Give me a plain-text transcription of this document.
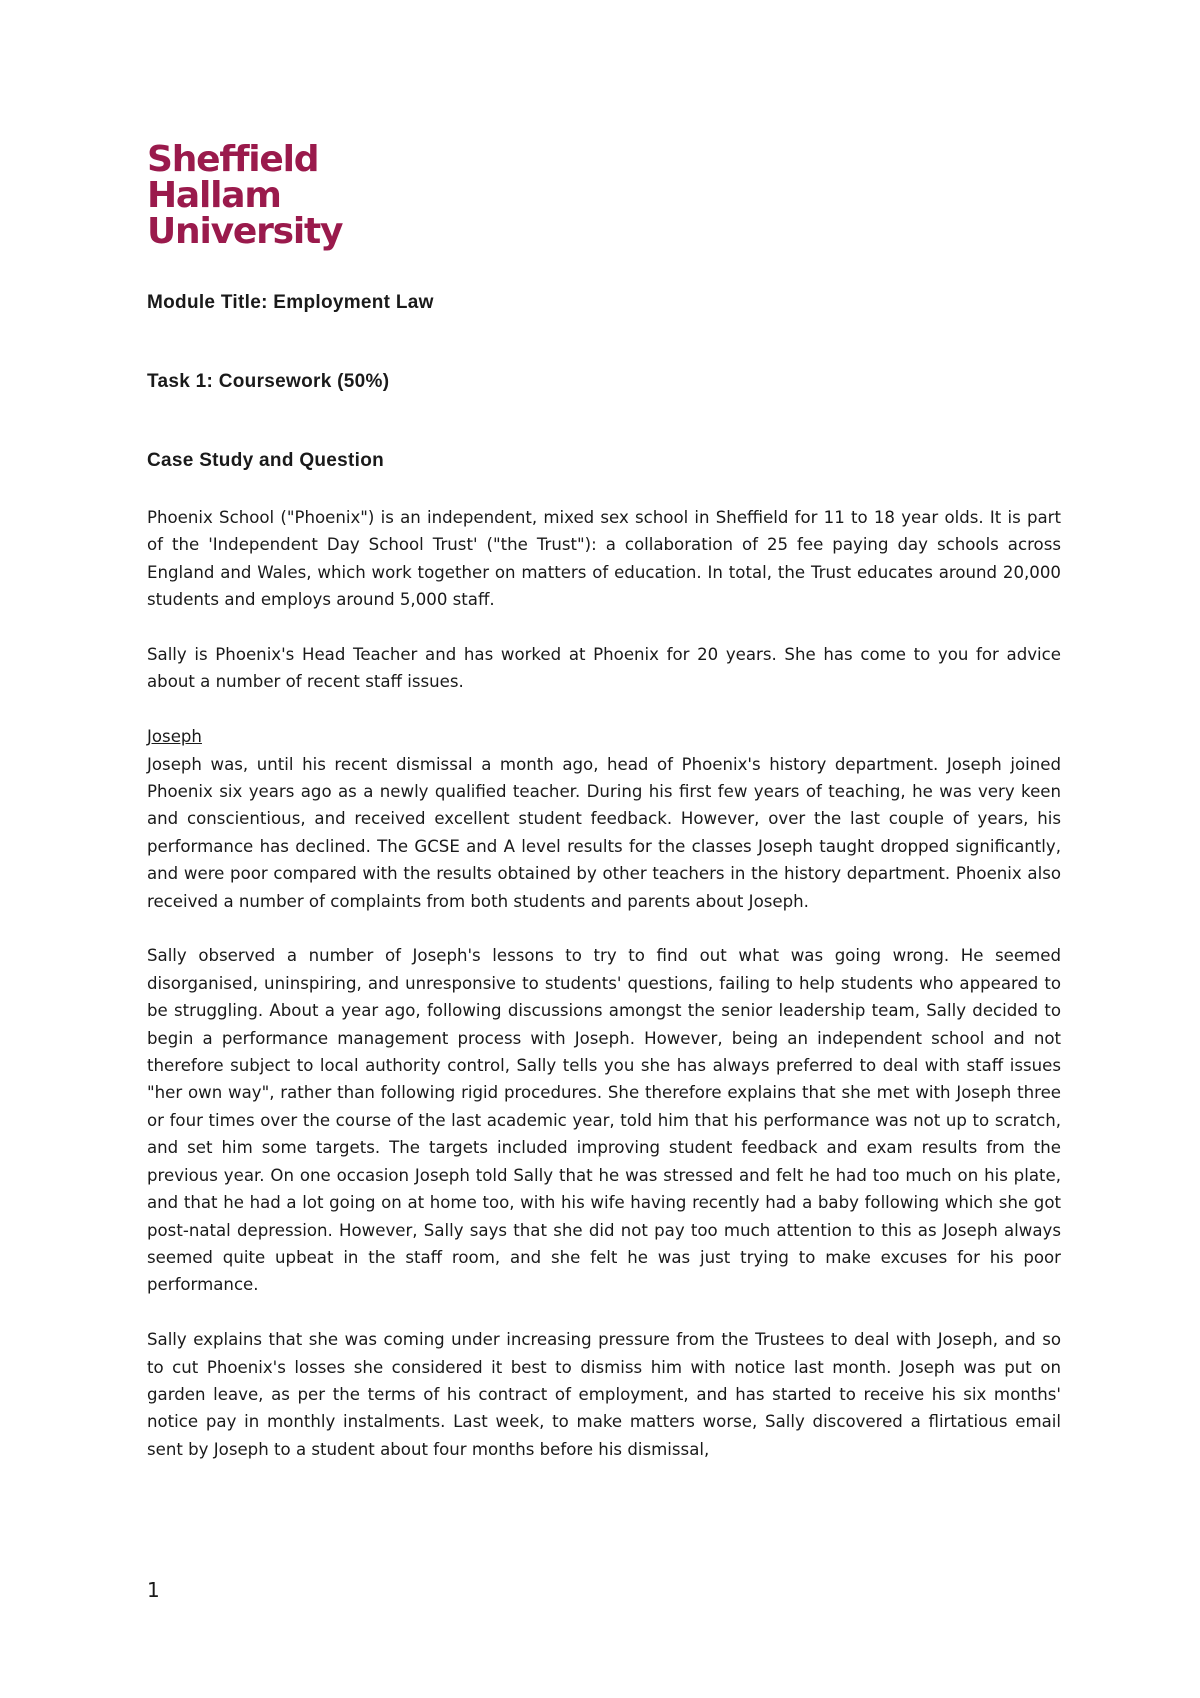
Sheffield
Hallam
University
Module Title: Employment Law
Task 1: Coursework (50%)
Case Study and Question

Phoenix School ("Phoenix") is an independent, mixed sex school in Sheffield for 11 to 18 year olds. It is part of the 'Independent Day School Trust' ("the Trust"): a collaboration of 25 fee paying day schools across England and Wales, which work together on matters of education. In total, the Trust educates around 20,000 students and employs around 5,000 staff.

Sally is Phoenix's Head Teacher and has worked at Phoenix for 20 years. She has come to you for advice about a number of recent staff issues.

Joseph

Joseph was, until his recent dismissal a month ago, head of Phoenix's history department. Joseph joined Phoenix six years ago as a newly qualified teacher. During his first few years of teaching, he was very keen and conscientious, and received excellent student feedback. However, over the last couple of years, his performance has declined. The GCSE and A level results for the classes Joseph taught dropped significantly, and were poor compared with the results obtained by other teachers in the history department. Phoenix also received a number of complaints from both students and parents about Joseph.

Sally observed a number of Joseph's lessons to try to find out what was going wrong. He seemed disorganised, uninspiring, and unresponsive to students' questions, failing to help students who appeared to be struggling. About a year ago, following discussions amongst the senior leadership team, Sally decided to begin a performance management process with Joseph. However, being an independent school and not therefore subject to local authority control, Sally tells you she has always preferred to deal with staff issues "her own way", rather than following rigid procedures. She therefore explains that she met with Joseph three or four times over the course of the last academic year, told him that his performance was not up to scratch, and set him some targets. The targets included improving student feedback and exam results from the previous year. On one occasion Joseph told Sally that he was stressed and felt he had too much on his plate, and that he had a lot going on at home too, with his wife having recently had a baby following which she got post-natal depression. However, Sally says that she did not pay too much attention to this as Joseph always seemed quite upbeat in the staff room, and she felt he was just trying to make excuses for his poor performance.

Sally explains that she was coming under increasing pressure from the Trustees to deal with Joseph, and so to cut Phoenix's losses she considered it best to dismiss him with notice last month. Joseph was put on garden leave, as per the terms of his contract of employment, and has started to receive his six months' notice pay in monthly instalments. Last week, to make matters worse, Sally discovered a flirtatious email sent by Joseph to a student about four months before his dismissal,

1
